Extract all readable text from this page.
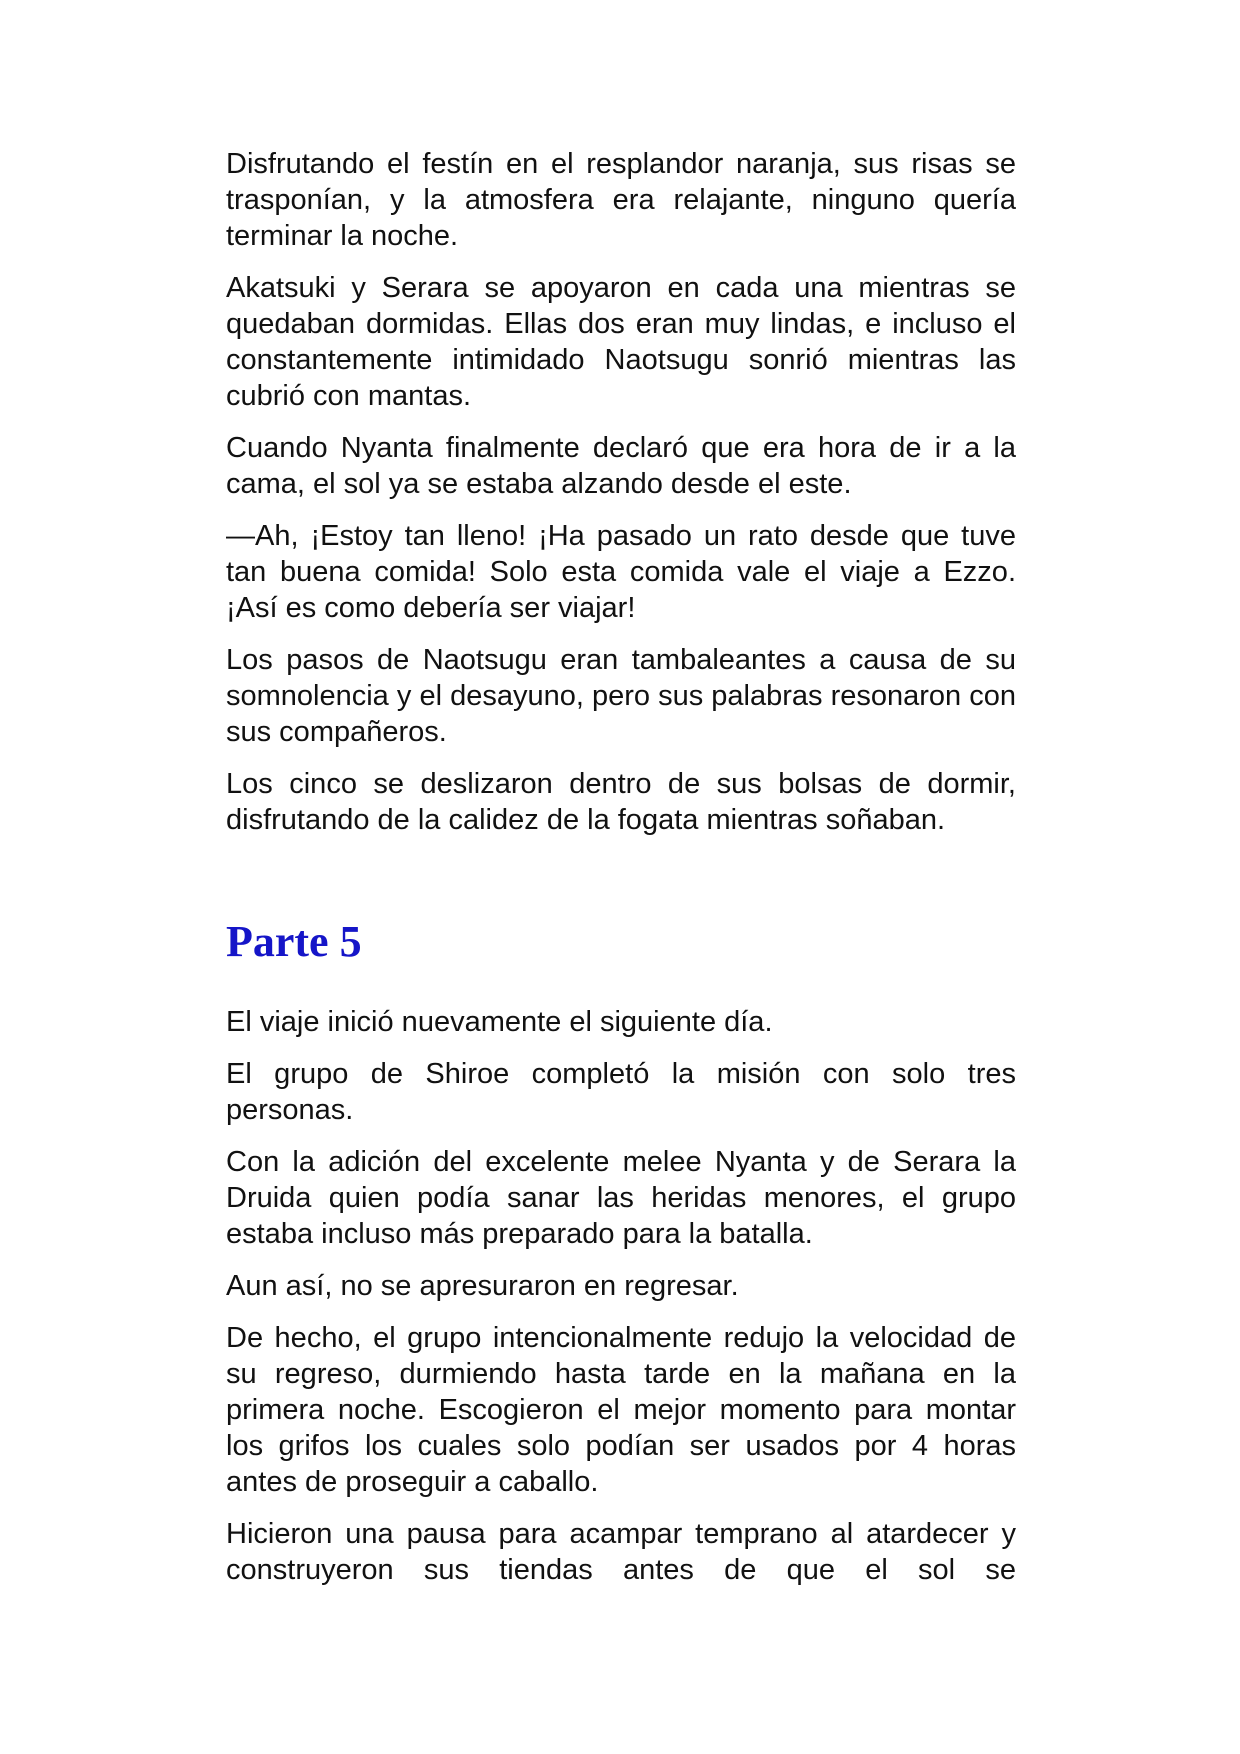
Disfrutando el festín en el resplandor naranja, sus risas se trasponían, y la atmosfera era relajante, ninguno quería terminar la noche.

Akatsuki y Serara se apoyaron en cada una mientras se quedaban dormidas. Ellas dos eran muy lindas, e incluso el constantemente intimidado Naotsugu sonrió mientras las cubrió con mantas.

Cuando Nyanta finalmente declaró que era hora de ir a la cama, el sol ya se estaba alzando desde el este.

—Ah, ¡Estoy tan lleno! ¡Ha pasado un rato desde que tuve tan buena comida! Solo esta comida vale el viaje a Ezzo. ¡Así es como debería ser viajar!

Los pasos de Naotsugu eran tambaleantes a causa de su somnolencia y el desayuno, pero sus palabras resonaron con sus compañeros.

Los cinco se deslizaron dentro de sus bolsas de dormir, disfrutando de la calidez de la fogata mientras soñaban.

Parte 5

El viaje inició nuevamente el siguiente día.

El grupo de Shiroe completó la misión con solo tres personas.

Con la adición del excelente melee Nyanta y de Serara la Druida quien podía sanar las heridas menores, el grupo estaba incluso más preparado para la batalla.

Aun así, no se apresuraron en regresar.

De hecho, el grupo intencionalmente redujo la velocidad de su regreso, durmiendo hasta tarde en la mañana en la primera noche. Escogieron el mejor momento para montar los grifos los cuales solo podían ser usados por 4 horas antes de proseguir a caballo.

Hicieron una pausa para acampar temprano al atardecer y construyeron sus tiendas antes de que el sol se
